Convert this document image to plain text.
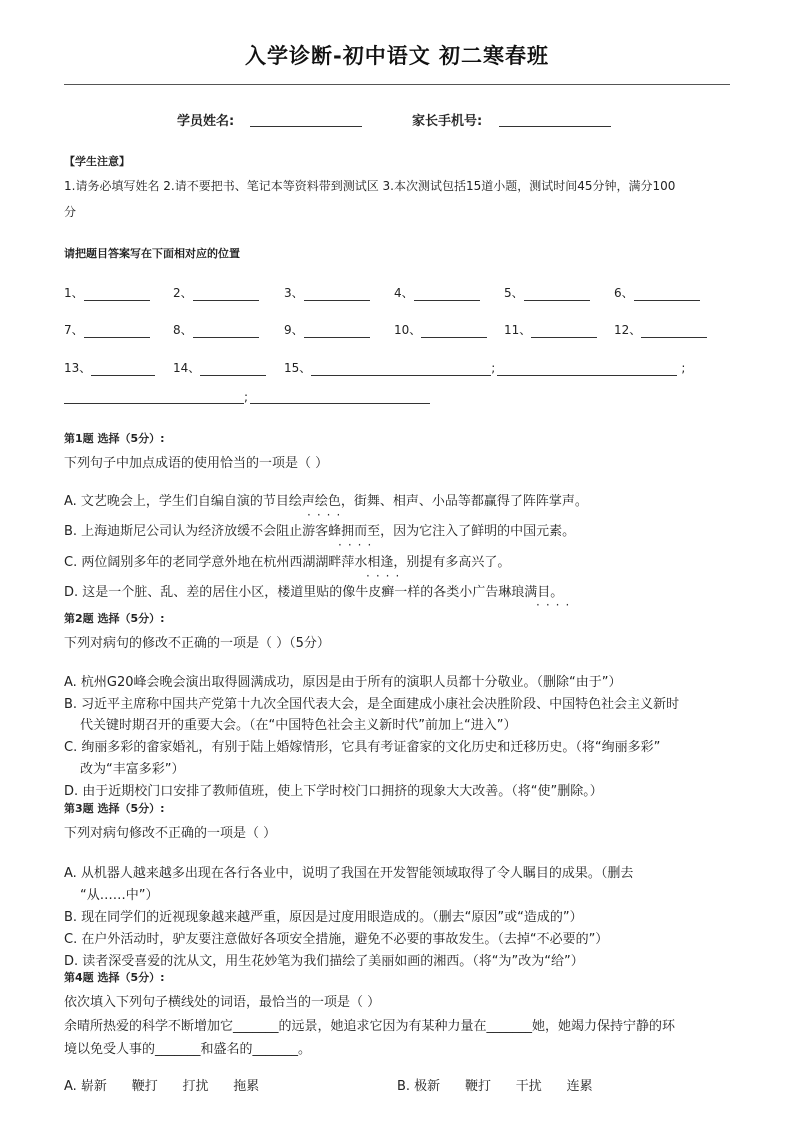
入学诊断-初中语文 初二寒春班
学员姓名:	家长手机号:
【学生注意】
1.请务必填写姓名 2.请不要把书、笔记本等资料带到测试区 3.本次测试包括15道小题，测试时间45分钟，满分100
分
请把题目答案写在下面相对应的位置
1、	2、	3、	4、	5、	6、
7、	8、	9、	10、	11、	12、
13、	14、	15、	;	;
;
第1题 选择（5分）:
下列句子中加点成语的使用恰当的一项是（ ）
A. 文艺晚会上，学生们自编自演的节目绘声绘色，街舞、相声、小品等都赢得了阵阵掌声。
····
B. 上海迪斯尼公司认为经济放缓不会阻止游客蜂拥而至，因为它注入了鲜明的中国元素。
····
C. 两位阔别多年的老同学意外地在杭州西湖湖畔萍水相逢，别提有多高兴了。
····
D. 这是一个脏、乱、差的居住小区，楼道里贴的像牛皮癣一样的各类小广告琳琅满目。
····
第2题 选择（5分）:
下列对病句的修改不正确的一项是（ ）（5分）
A. 杭州G20峰会晚会演出取得圆满成功，原因是由于所有的演职人员都十分敬业。（删除“由于”）
B. 习近平主席称中国共产党第十九次全国代表大会，是全面建成小康社会决胜阶段、中国特色社会主义新时
代关键时期召开的重要大会。（在“中国特色社会主义新时代”前加上“进入”）
C. 绚丽多彩的畲家婚礼，有别于陆上婚嫁情形，它具有考证畲家的文化历史和迁移历史。（将“绚丽多彩”
改为“丰富多彩”）
D. 由于近期校门口安排了教师值班，使上下学时校门口拥挤的现象大大改善。（将“使”删除。）
第3题 选择（5分）:
下列对病句修改不正确的一项是（ ）
A. 从机器人越来越多出现在各行各业中，说明了我国在开发智能领域取得了令人瞩目的成果。（删去
“从……中”）
B. 现在同学们的近视现象越来越严重，原因是过度用眼造成的。（删去“原因”或“造成的”）
C. 在户外活动时，驴友要注意做好各项安全措施，避免不必要的事故发生。（去掉“不必要的”）
D. 读者深受喜爱的沈从文，用生花妙笔为我们描绘了美丽如画的湘西。（将“为”改为“给”）
第4题 选择（5分）:
依次填入下列句子横线处的词语，最恰当的一项是（ ）
余晴所热爱的科学不断增加它_______的远景，她追求它因为有某种力量在_______她，她竭力保持宁静的环
境以免受人事的_______和盛名的_______。
A. 崭新      鞭打      打扰      拖累	B. 极新      鞭打      干扰      连累
